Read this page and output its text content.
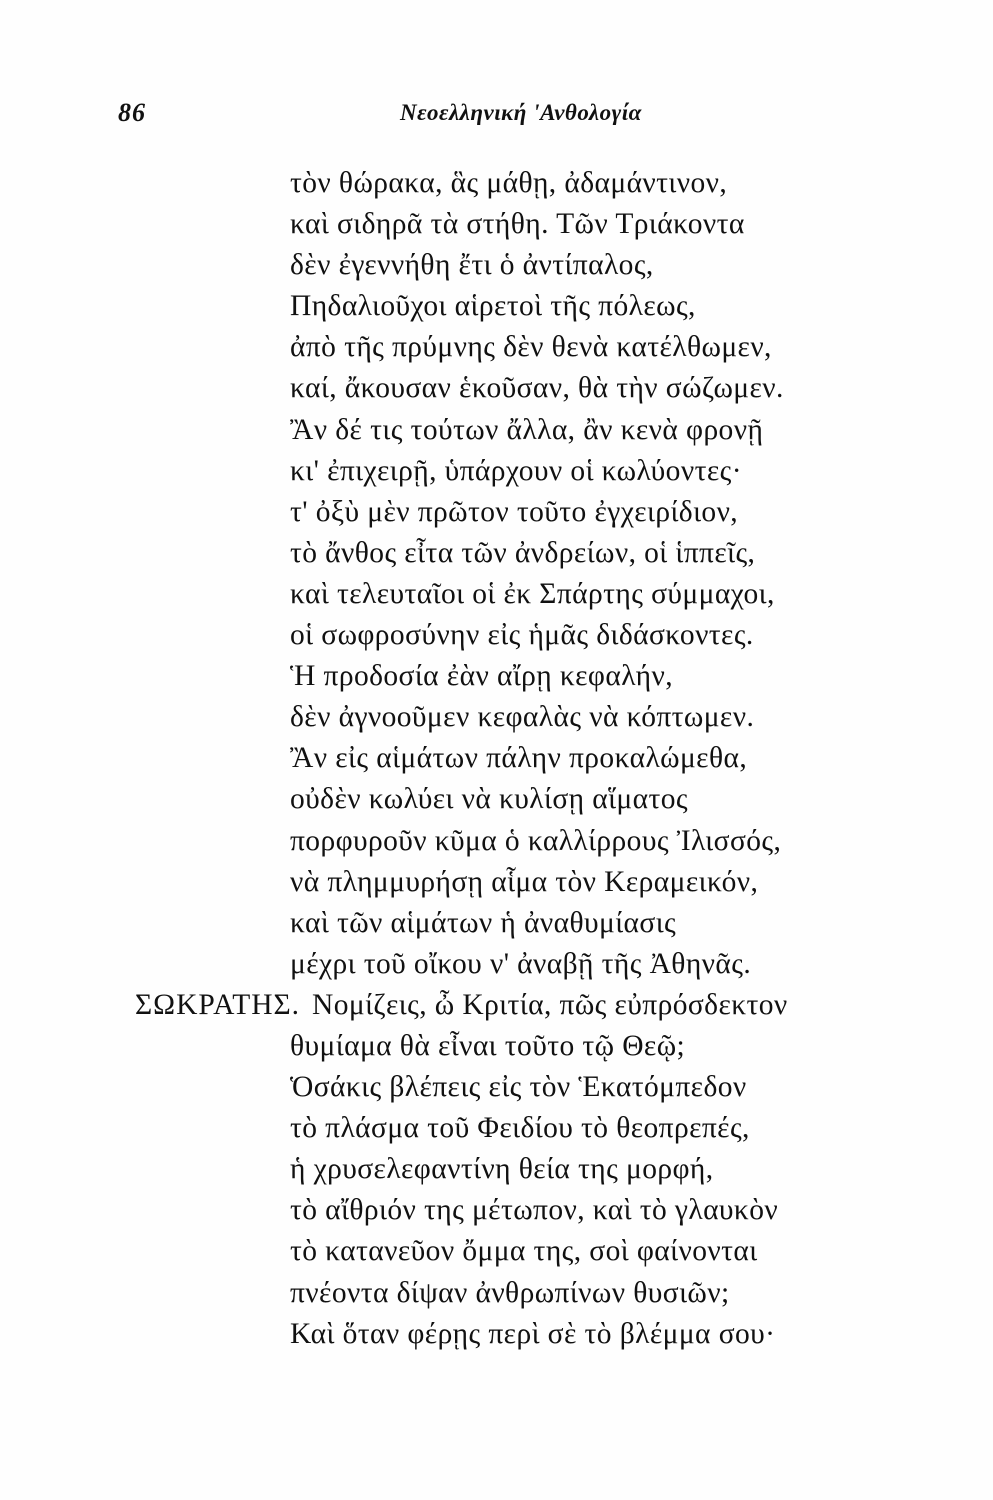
86	Νεοελληνική 'Ανθολογία
τὸν θώρακα, ἃς μάθῃ, ἀδαμάντινον,
καὶ σιδηρᾶ τὰ στήθη. Τῶν Τριάκοντα
δὲν ἐγεννήθη ἔτι ὁ ἀντίπαλος,
Πηδαλιοῦχοι αἱρετοὶ τῆς πόλεως,
ἀπὸ τῆς πρύμνης δὲν θενὰ κατέλθωμεν,
καί, ἄκουσαν ἑκοῦσαν, θὰ τὴν σώζωμεν.
Ἂν δέ τις τούτων ἄλλα, ἂν κενὰ φρονῇ
κι' ἐπιχειρῇ, ὑπάρχουν οἱ κωλύοντες·
τ' ὀξὺ μὲν πρῶτον τοῦτο ἐγχειρίδιον,
τὸ ἄνθος εἶτα τῶν ἀνδρείων, οἱ ἱππεῖς,
καὶ τελευταῖοι οἱ ἐκ Σπάρτης σύμμαχοι,
οἱ σωφροσύνην εἰς ἡμᾶς διδάσκοντες.
Ἡ προδοσία ἐὰν αἴρῃ κεφαλήν,
δὲν ἀγνοοῦμεν κεφαλὰς νὰ κόπτωμεν.
Ἂν εἰς αἱμάτων πάλην προκαλώμεθα,
οὐδὲν κωλύει νὰ κυλίσῃ αἵματος
πορφυροῦν κῦμα ὁ καλλίρρους Ἰλισσός,
νὰ πλημμυρήσῃ αἷμα τὸν Κεραμεικόν,
καὶ τῶν αἱμάτων ἡ ἀναθυμίασις
μέχρι τοῦ οἴκου ν' ἀναβῇ τῆς Ἀθηνᾶς.
ΣΩΚΡΑΤΗΣ. Νομίζεις, ὦ Κριτία, πῶς εὐπρόσδεκτον
θυμίαμα θὰ εἶναι τοῦτο τῷ Θεῷ;
Ὁσάκις βλέπεις εἰς τὸν Ἑκατόμπεδον
τὸ πλάσμα τοῦ Φειδίου τὸ θεοπρεπές,
ἡ χρυσελεφαντίνη θεία της μορφή,
τὸ αἴθριόν της μέτωπον, καὶ τὸ γλαυκὸν
τὸ κατανεῦον ὄμμα της, σοὶ φαίνονται
πνέοντα δίψαν ἀνθρωπίνων θυσιῶν;
Καὶ ὅταν φέρῃς περὶ σὲ τὸ βλέμμα σου·
